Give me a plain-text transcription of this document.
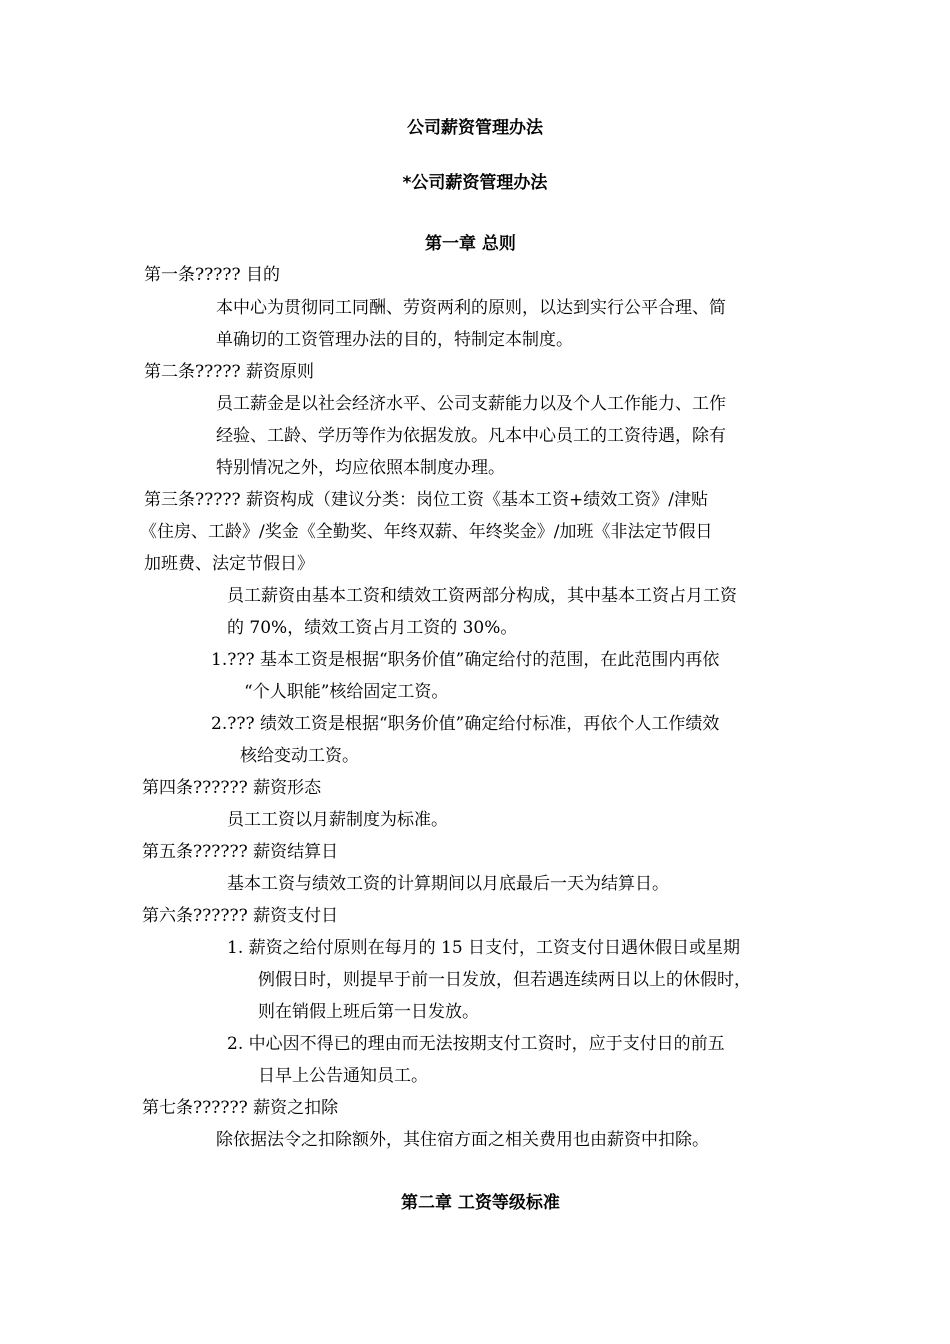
公司薪资管理办法
*公司薪资管理办法
第一章 总则
第一条????? 目的
本中心为贯彻同工同酬、劳资两利的原则，以达到实行公平合理、简
单确切的工资管理办法的目的，特制定本制度。
第二条????? 薪资原则
员工薪金是以社会经济水平、公司支薪能力以及个人工作能力、工作
经验、工龄、学历等作为依据发放。凡本中心员工的工资待遇，除有
特别情况之外，均应依照本制度办理。
第三条????? 薪资构成（建议分类：岗位工资《基本工资+绩效工资》/津贴
《住房、工龄》/奖金《全勤奖、年终双薪、年终奖金》/加班《非法定节假日
加班费、法定节假日》
员工薪资由基本工资和绩效工资两部分构成，其中基本工资占月工资
的 70%，绩效工资占月工资的 30%。
1.??? 基本工资是根据“职务价值”确定给付的范围，在此范围内再依
“个人职能”核给固定工资。
2.??? 绩效工资是根据“职务价值”确定给付标准，再依个人工作绩效
核给变动工资。
第四条?????? 薪资形态
员工工资以月薪制度为标准。
第五条?????? 薪资结算日
基本工资与绩效工资的计算期间以月底最后一天为结算日。
第六条?????? 薪资支付日
1. 薪资之给付原则在每月的 15 日支付，工资支付日遇休假日或星期
例假日时，则提早于前一日发放，但若遇连续两日以上的休假时，
则在销假上班后第一日发放。
2. 中心因不得已的理由而无法按期支付工资时，应于支付日的前五
日早上公告通知员工。
第七条?????? 薪资之扣除
除依据法令之扣除额外，其住宿方面之相关费用也由薪资中扣除。
第二章 工资等级标准
